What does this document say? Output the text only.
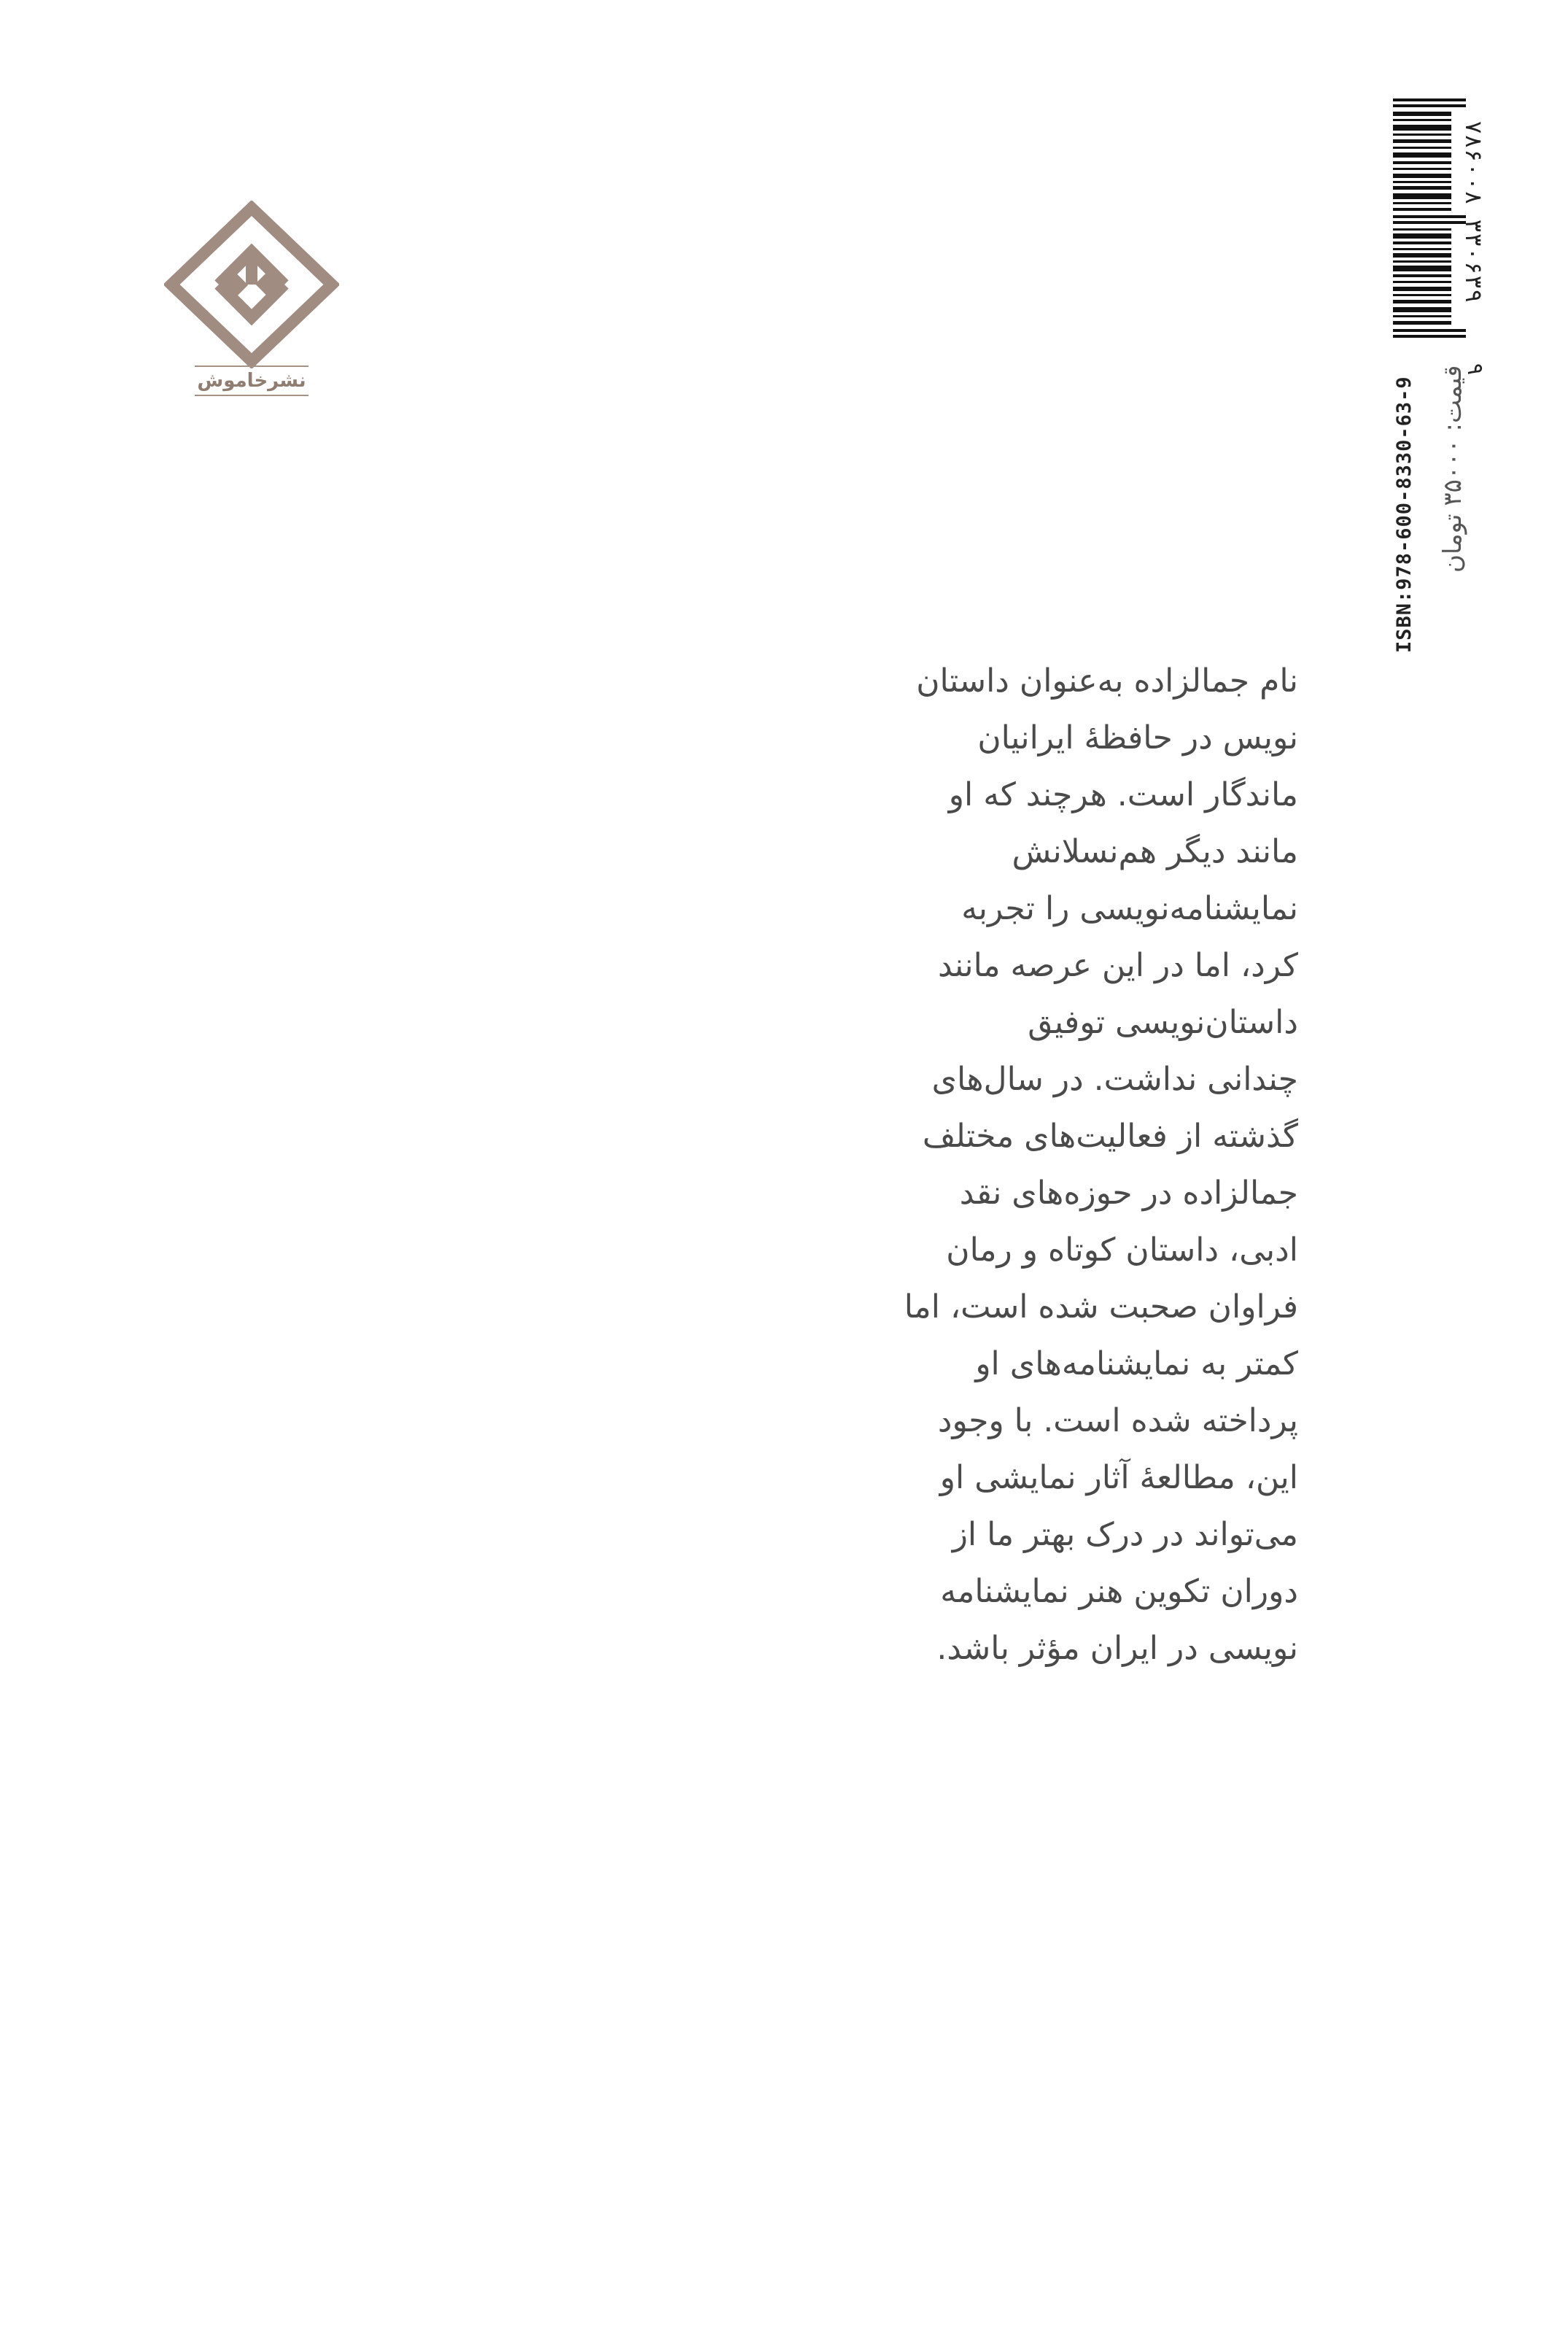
نشرخاموش
۷۸۶۰۰۸ ۳۳۰۶۳۹
۹
قیمت: ۳۵۰۰۰ تومان
ISBN:978-600-8330-63-9
نام جمالزاده به‌عنوان داستان
نویس در حافظهٔ ایرانیان
ماندگار است. هرچند که او
مانند دیگر هم‌نسلانش
نمایشنامه‌نویسی را تجربه
کرد، اما در این عرصه مانند
داستان‌نویسی توفیق
چندانی نداشت. در سال‌های
گذشته از فعالیت‌های مختلف
جمالزاده در حوزه‌های نقد
ادبی، داستان کوتاه و رمان
فراوان صحبت شده است، اما
کمتر به نمایشنامه‌های او
پرداخته شده است. با وجود
این، مطالعهٔ آثار نمایشی او
می‌تواند در درک بهتر ما از
دوران تکوین هنر نمایشنامه
نویسی در ایران مؤثر باشد.
